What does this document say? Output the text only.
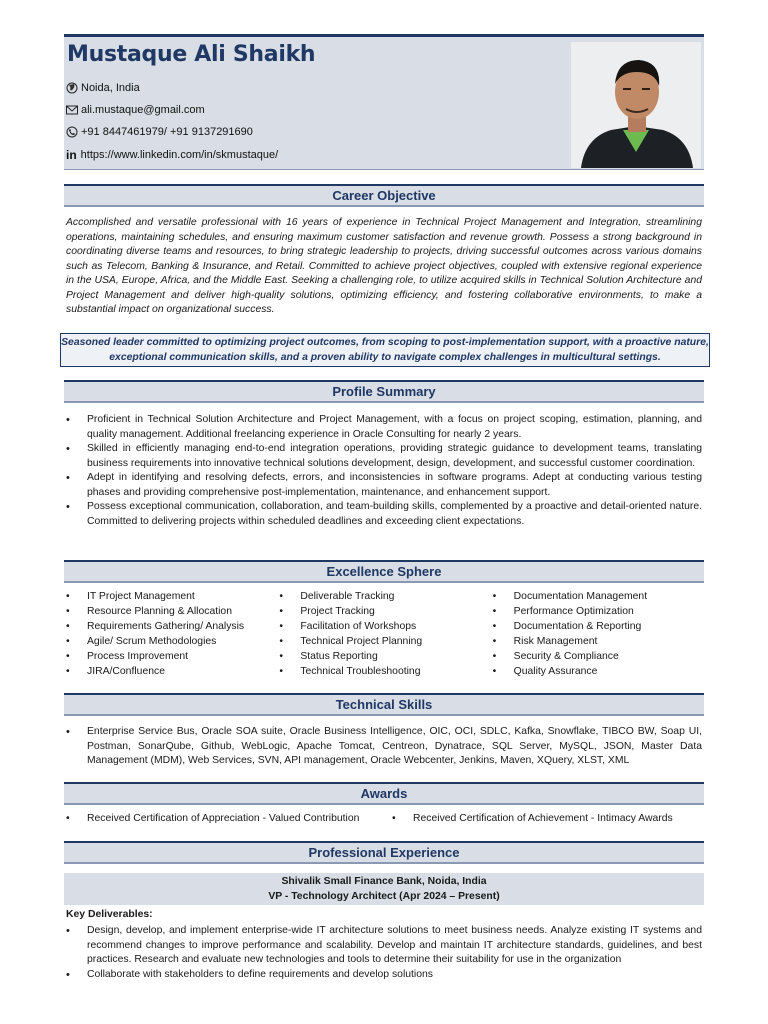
Mustaque Ali Shaikh
Noida, India
ali.mustaque@gmail.com
+91 8447461979/ +91 9137291690
in https://www.linkedin.com/in/skmustaque/
Career Objective
Accomplished and versatile professional with 16 years of experience in Technical Project Management and Integration, streamlining operations, maintaining schedules, and ensuring maximum customer satisfaction and revenue growth. Possess a strong background in coordinating diverse teams and resources, to bring strategic leadership to projects, driving successful outcomes across various domains such as Telecom, Banking & Insurance, and Retail. Committed to achieve project objectives, coupled with extensive regional experience in the USA, Europe, Africa, and the Middle East. Seeking a challenging role, to utilize acquired skills in Technical Solution Architecture and Project Management and deliver high-quality solutions, optimizing efficiency, and fostering collaborative environments, to make a substantial impact on organizational success.
Seasoned leader committed to optimizing project outcomes, from scoping to post-implementation support, with a proactive nature, exceptional communication skills, and a proven ability to navigate complex challenges in multicultural settings.
Profile Summary
• Proficient in Technical Solution Architecture and Project Management, with a focus on project scoping, estimation, planning, and quality management. Additional freelancing experience in Oracle Consulting for nearly 2 years.
• Skilled in efficiently managing end-to-end integration operations, providing strategic guidance to development teams, translating business requirements into innovative technical solutions development, design, development, and successful customer coordination.
• Adept in identifying and resolving defects, errors, and inconsistencies in software programs. Adept at conducting various testing phases and providing comprehensive post-implementation, maintenance, and enhancement support.
• Possess exceptional communication, collaboration, and team-building skills, complemented by a proactive and detail-oriented nature. Committed to delivering projects within scheduled deadlines and exceeding client expectations.
Excellence Sphere
• IT Project Management
• Resource Planning & Allocation
• Requirements Gathering/ Analysis
• Agile/ Scrum Methodologies
• Process Improvement
• JIRA/Confluence
• Deliverable Tracking
• Project Tracking
• Facilitation of Workshops
• Technical Project Planning
• Status Reporting
• Technical Troubleshooting
• Documentation Management
• Performance Optimization
• Documentation & Reporting
• Risk Management
• Security & Compliance
• Quality Assurance
Technical Skills
• Enterprise Service Bus, Oracle SOA suite, Oracle Business Intelligence, OIC, OCI, SDLC, Kafka, Snowflake, TIBCO BW, Soap UI, Postman, SonarQube, Github, WebLogic, Apache Tomcat, Centreon, Dynatrace, SQL Server, MySQL, JSON, Master Data Management (MDM), Web Services, SVN, API management, Oracle Webcenter, Jenkins, Maven, XQuery, XLST, XML
Awards
• Received Certification of Appreciation - Valued Contribution
•	Received Certification of Achievement - Intimacy Awards
Professional Experience
Shivalik Small Finance Bank, Noida, India
VP - Technology Architect (Apr 2024 – Present)
Key Deliverables:
• Design, develop, and implement enterprise-wide IT architecture solutions to meet business needs. Analyze existing IT systems and recommend changes to improve performance and scalability. Develop and maintain IT architecture standards, guidelines, and best practices. Research and evaluate new technologies and tools to determine their suitability for use in the organization
• Collaborate with stakeholders to define requirements and develop solutions
